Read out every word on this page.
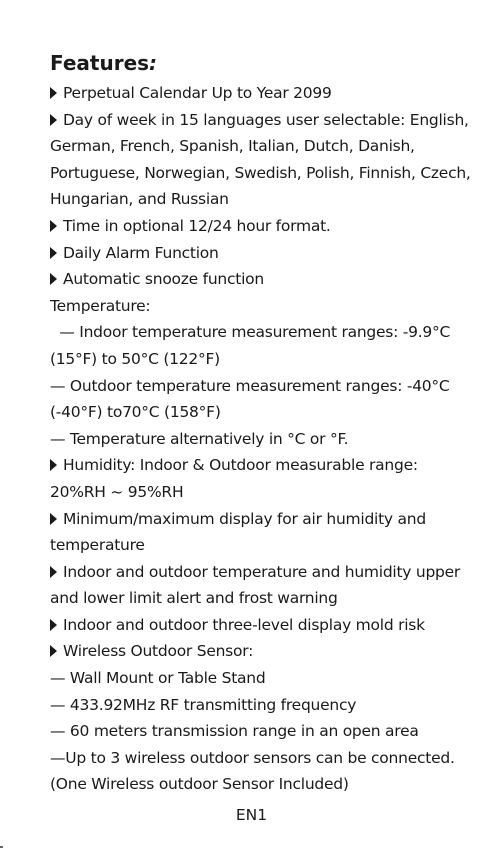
Features:
Perpetual Calendar Up to Year 2099
Day of week in 15 languages user selectable: English,
German, French, Spanish, Italian, Dutch, Danish,
Portuguese, Norwegian, Swedish, Polish, Finnish, Czech,
Hungarian, and Russian
Time in optional 12/24 hour format.
Daily Alarm Function
Automatic snooze function
Temperature:
— Indoor temperature measurement ranges: -9.9°C
(15°F) to 50°C (122°F)
— Outdoor temperature measurement ranges: -40°C
(-40°F) to70°C (158°F)
— Temperature alternatively in °C or °F.
Humidity: Indoor & Outdoor measurable range:
20%RH ~ 95%RH
Minimum/maximum display for air humidity and
temperature
Indoor and outdoor temperature and humidity upper
and lower limit alert and frost warning
Indoor and outdoor three-level display mold risk
Wireless Outdoor Sensor:
— Wall Mount or Table Stand
— 433.92MHz RF transmitting frequency
— 60 meters transmission range in an open area
—Up to 3 wireless outdoor sensors can be connected.
(One Wireless outdoor Sensor Included)
EN1
